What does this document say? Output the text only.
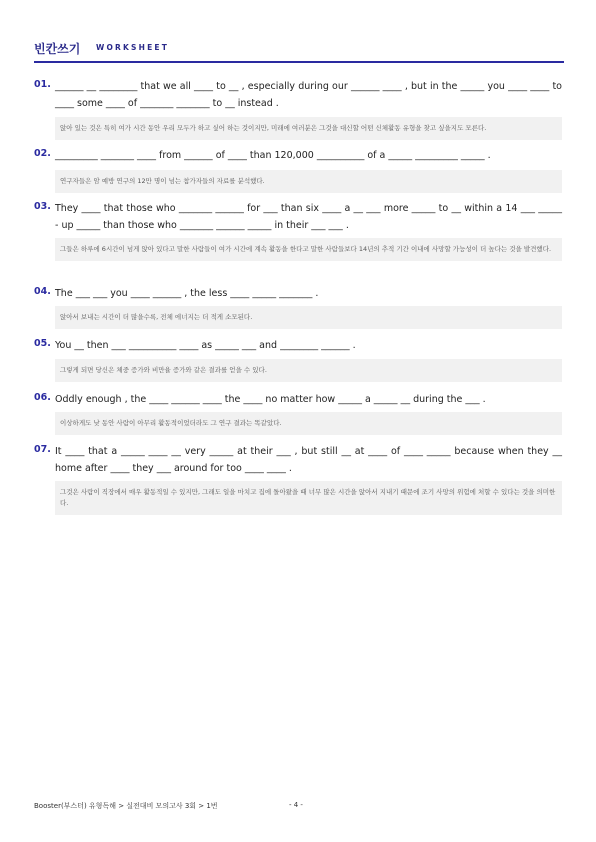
빈칸쓰기 WORKSHEET
01. ______ __ ________ that we all ____ to __ , especially during our ______ ____ , but in the _____ you ____ ____ to ____ some ____ of _______ _______ to __ instead .
앉아 있는 것은 특히 여가 시간 동안 우리 모두가 하고 싶어 하는 것이지만, 미래에 여러분은 그것을 대신할 어떤 신체활동 유형을 찾고 싶을지도 모른다.
02. _________ _______ ____ from ______ of ____ than 120,000 __________ of a _____ _________ _____ .
연구자들은 암 예방 연구의 12만 명이 넘는 참가자들의 자료를 분석했다.
03. They ____ that those who _______ ______ for ___ than six ____ a __ ___ more _____ to __ within a 14 ___ _____ - up _____ than those who _______ ______ _____ in their ___ ___ .
그들은 하루에 6시간이 넘게 앉아 있다고 말한 사람들이 여가 시간에 계속 활동을 한다고 말한 사람들보다 14년의 추적 기간 이내에 사망할 가능성이 더 높다는 것을 발견했다.
04. The ___ ___ you ____ ______ , the less ____ _____ _______ .
앉아서 보내는 시간이 더 많을수록, 전체 에너지는 더 적게 소모된다.
05. You __ then ___ __________ ____ as _____ ___ and ________ ______ .
그렇게 되면 당신은 체중 증가와 비만율 증가와 같은 결과를 얻을 수 있다.
06. Oddly enough , the ____ ______ ____ the ____ no matter how _____ a _____ __ during the ___ .
이상하게도 낮 동안 사람이 아무리 활동적이었더라도 그 연구 결과는 똑같았다.
07. It ____ that a _____ ____ __ very _____ at their ___ , but still __ at ____ of ____ _____ because when they __ home after ____ they ___ around for too ____ ____ .
그것은 사람이 직장에서 매우 활동적일 수 있지만, 그래도 일을 마치고 집에 돌아왔을 때 너무 많은 시간을 앉아서 지내기 때문에 조기 사망의 위험에 처할 수 있다는 것을 의미한다.
Booster(부스터) 유형독해 > 실전대비 모의고사 3회 > 1번	- 4 -
